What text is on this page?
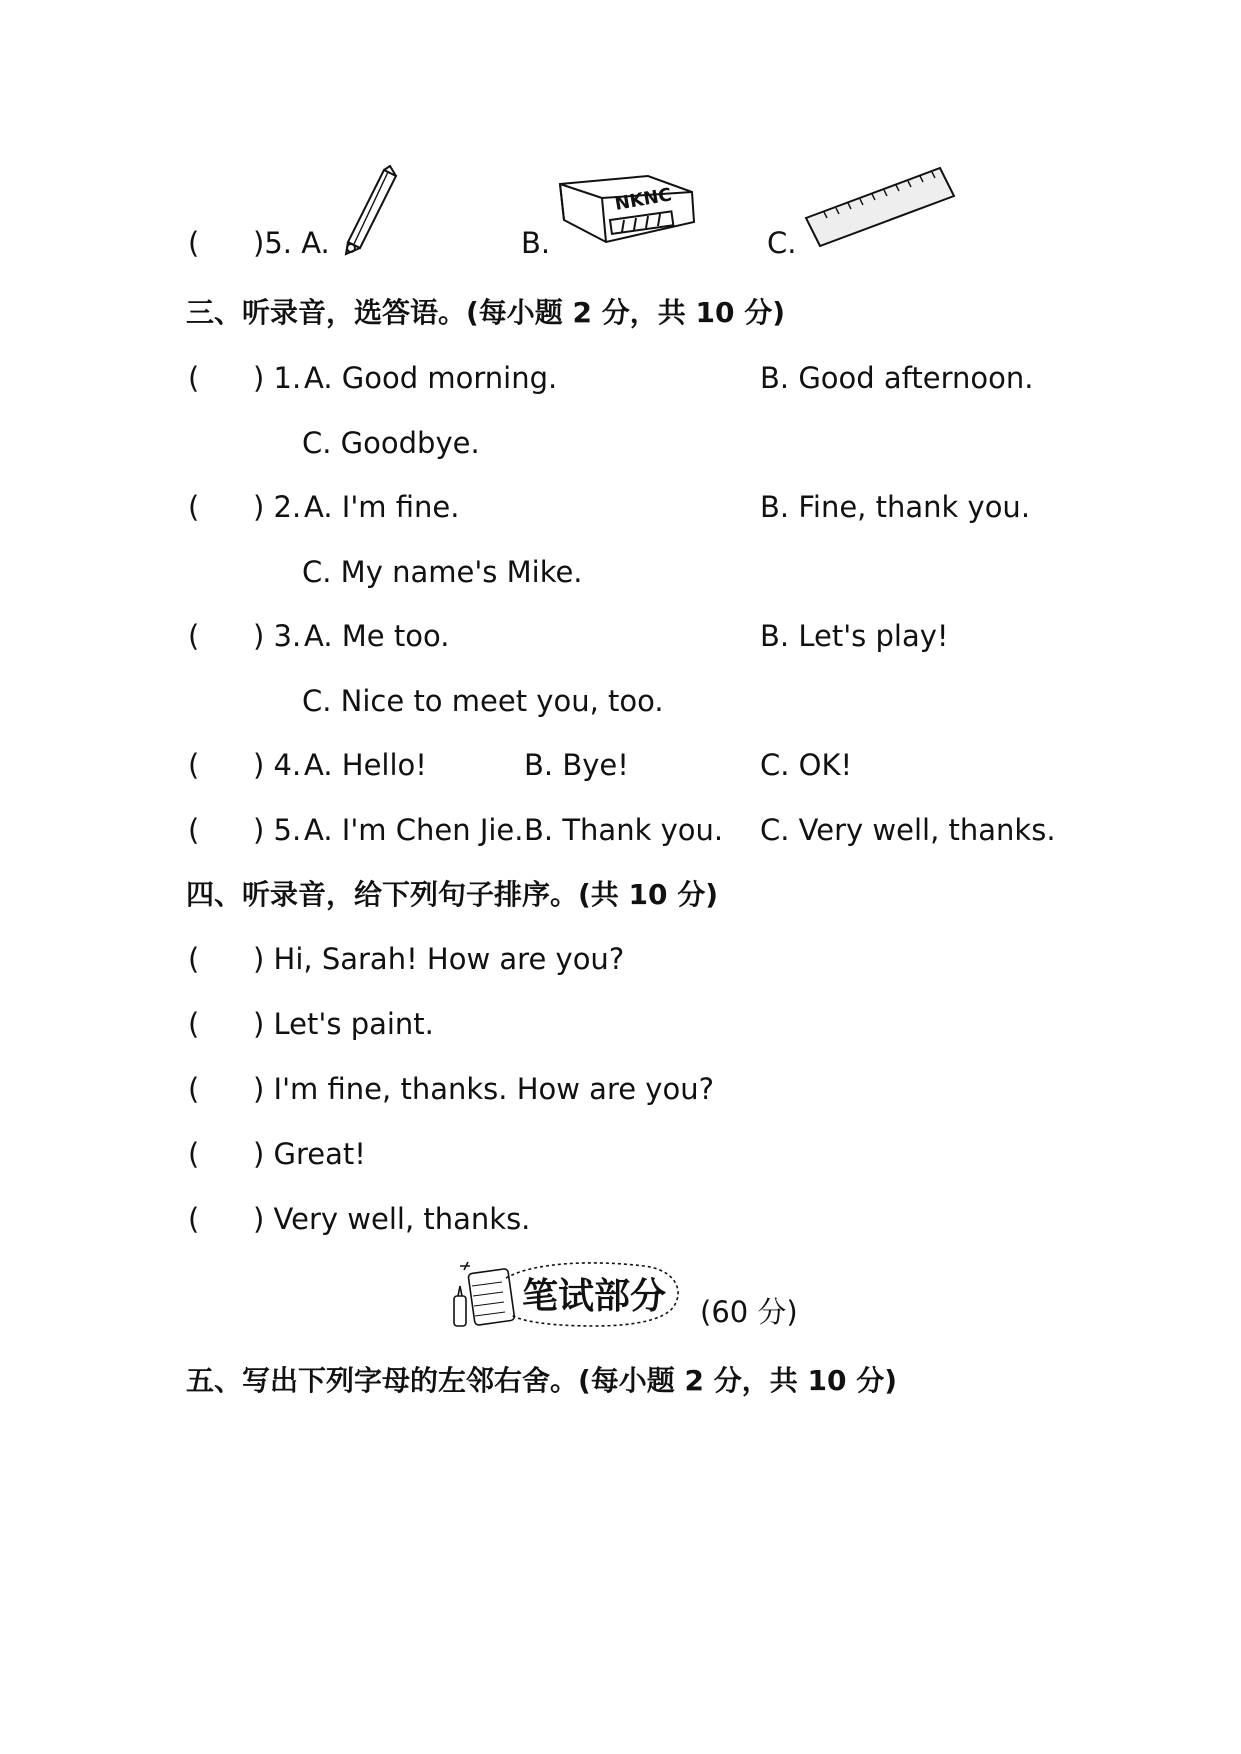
( )5. A.	B.
NKNC
C.
三、听录音，选答语。(每小题 2 分，共 10 分)
( ) 1. A. Good morning.	B. Good afternoon.
C. Goodbye.
( ) 2. A. I'm fine.	B. Fine, thank you.
C. My name's Mike.
( ) 3. A. Me too.	B. Let's play!
C. Nice to meet you, too.
( ) 4. A. Hello!	B. Bye!	C. OK!
( ) 5. A. I'm Chen Jie. B. Thank you. C. Very well, thanks.
四、听录音，给下列句子排序。(共 10 分)
( ) Hi, Sarah! How are you?
( ) Let's paint.
( ) I'm fine, thanks. How are you?
( ) Great!
( ) Very well, thanks.
笔试部分 (60 分)
五、写出下列字母的左邻右舍。(每小题 2 分，共 10 分)
